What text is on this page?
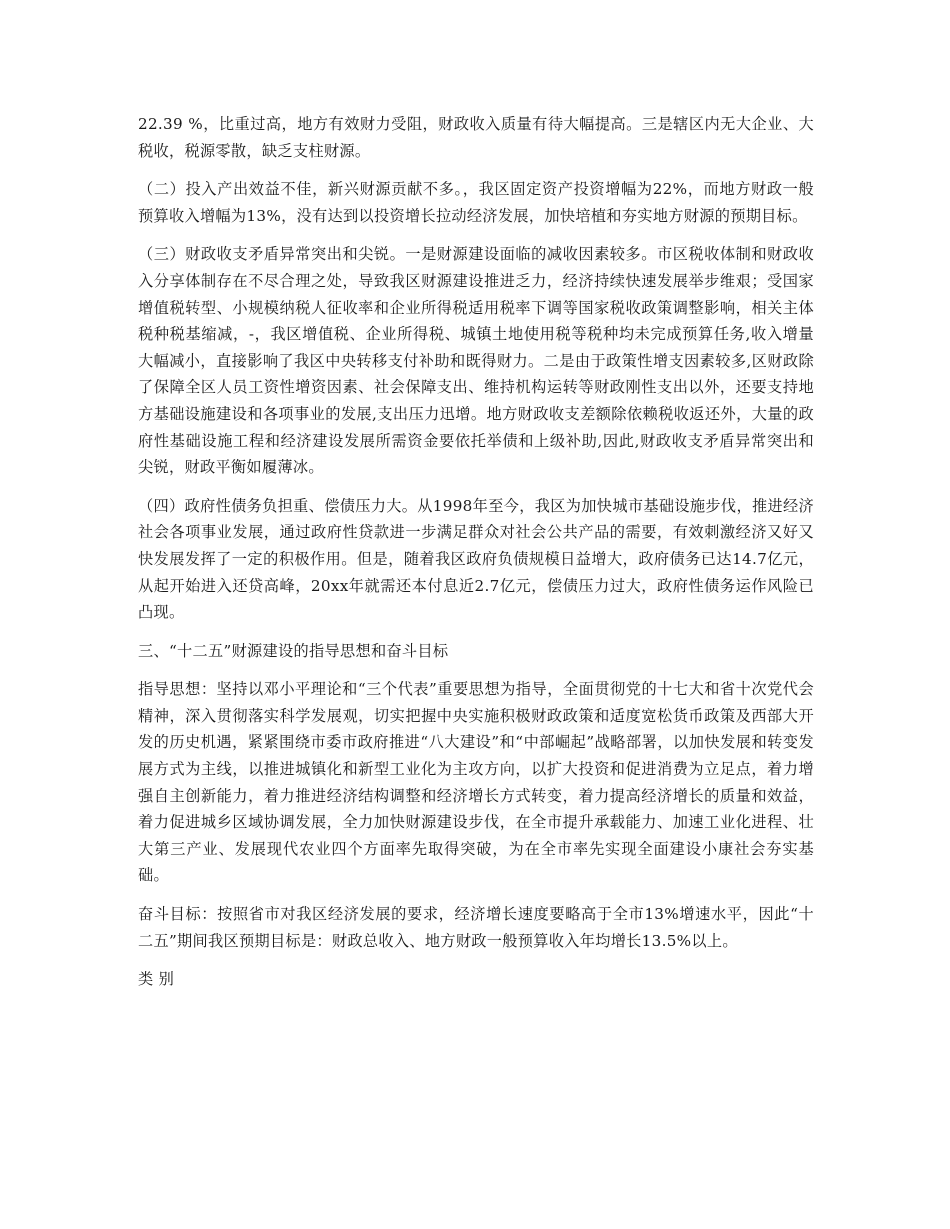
22.39 %，比重过高，地方有效财力受阻，财政收入质量有待大幅提高。三是辖区内无大企业、大税收，税源零散，缺乏支柱财源。

（二）投入产出效益不佳，新兴财源贡献不多。，我区固定资产投资增幅为22%，而地方财政一般预算收入增幅为13%，没有达到以投资增长拉动经济发展，加快培植和夯实地方财源的预期目标。

（三）财政收支矛盾异常突出和尖锐。一是财源建设面临的减收因素较多。市区税收体制和财政收入分享体制存在不尽合理之处，导致我区财源建设推进乏力，经济持续快速发展举步维艰；受国家增值税转型、小规模纳税人征收率和企业所得税适用税率下调等国家税收政策调整影响，相关主体税种税基缩减，-，我区增值税、企业所得税、城镇土地使用税等税种均未完成预算任务,收入增量大幅减小，直接影响了我区中央转移支付补助和既得财力。二是由于政策性增支因素较多,区财政除了保障全区人员工资性增资因素、社会保障支出、维持机构运转等财政刚性支出以外，还要支持地方基础设施建设和各项事业的发展,支出压力迅增。地方财政收支差额除依赖税收返还外，大量的政府性基础设施工程和经济建设发展所需资金要依托举债和上级补助,因此,财政收支矛盾异常突出和尖锐，财政平衡如履薄冰。

（四）政府性债务负担重、偿债压力大。从1998年至今，我区为加快城市基础设施步伐，推进经济社会各项事业发展，通过政府性贷款进一步满足群众对社会公共产品的需要，有效刺激经济又好又快发展发挥了一定的积极作用。但是，随着我区政府负债规模日益增大，政府债务已达14.7亿元，从起开始进入还贷高峰，20xx年就需还本付息近2.7亿元，偿债压力过大，政府性债务运作风险已凸现。

三、“十二五”财源建设的指导思想和奋斗目标

指导思想：坚持以邓小平理论和“三个代表”重要思想为指导，全面贯彻党的十七大和省十次党代会精神，深入贯彻落实科学发展观，切实把握中央实施积极财政政策和适度宽松货币政策及西部大开发的历史机遇，紧紧围绕市委市政府推进“八大建设”和“中部崛起”战略部署，以加快发展和转变发展方式为主线，以推进城镇化和新型工业化为主攻方向，以扩大投资和促进消费为立足点，着力增强自主创新能力，着力推进经济结构调整和经济增长方式转变，着力提高经济增长的质量和效益，着力促进城乡区域协调发展，全力加快财源建设步伐，在全市提升承载能力、加速工业化进程、壮大第三产业、发展现代农业四个方面率先取得突破，为在全市率先实现全面建设小康社会夯实基础。

奋斗目标：按照省市对我区经济发展的要求，经济增长速度要略高于全市13%增速水平，因此“十二五”期间我区预期目标是：财政总收入、地方财政一般预算收入年均增长13.5%以上。

类 别
